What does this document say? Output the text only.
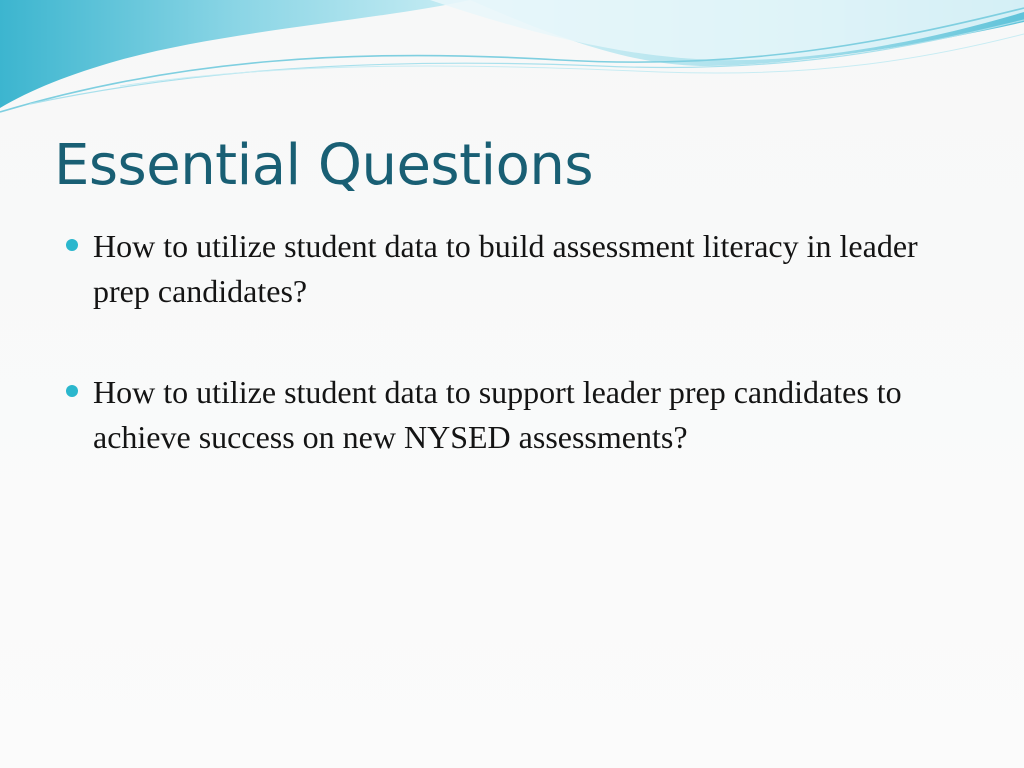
Essential Questions
How to utilize student data to build assessment literacy in leader prep candidates?
How to utilize student data to support leader prep candidates to achieve success on new NYSED assessments?
